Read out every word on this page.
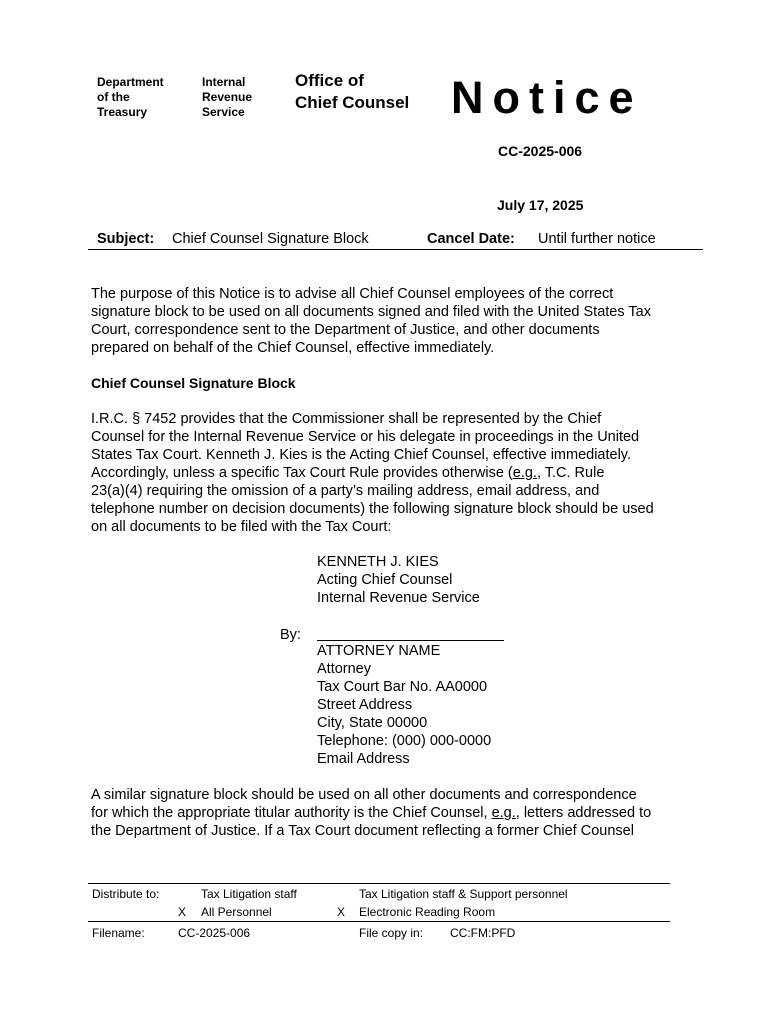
Department
of the
Treasury
Internal
Revenue
Service
Office of
Chief Counsel Notice
CC-2025-006
July 17, 2025
Subject: Chief Counsel Signature Block	Cancel Date: Until further notice
The purpose of this Notice is to advise all Chief Counsel employees of the correct
signature block to be used on all documents signed and filed with the United States Tax
Court, correspondence sent to the Department of Justice, and other documents
prepared on behalf of the Chief Counsel, effective immediately.
Chief Counsel Signature Block
I.R.C. § 7452 provides that the Commissioner shall be represented by the Chief
Counsel for the Internal Revenue Service or his delegate in proceedings in the United
States Tax Court. Kenneth J. Kies is the Acting Chief Counsel, effective immediately.
Accordingly, unless a specific Tax Court Rule provides otherwise (e.g., T.C. Rule
23(a)(4) requiring the omission of a party’s mailing address, email address, and
telephone number on decision documents) the following signature block should be used
on all documents to be filed with the Tax Court:
KENNETH J. KIES
Acting Chief Counsel
Internal Revenue Service
By:
ATTORNEY NAME
Attorney
Tax Court Bar No. AA0000
Street Address
City, State 00000
Telephone: (000) 000-0000
Email Address
A similar signature block should be used on all other documents and correspondence
for which the appropriate titular authority is the Chief Counsel, e.g., letters addressed to
the Department of Justice. If a Tax Court document reflecting a former Chief Counsel
Distribute to:	Tax Litigation staff	Tax Litigation staff & Support personnel
X All Personnel	X Electronic Reading Room
Filename:	CC-2025-006	File copy in: CC:FM:PFD
